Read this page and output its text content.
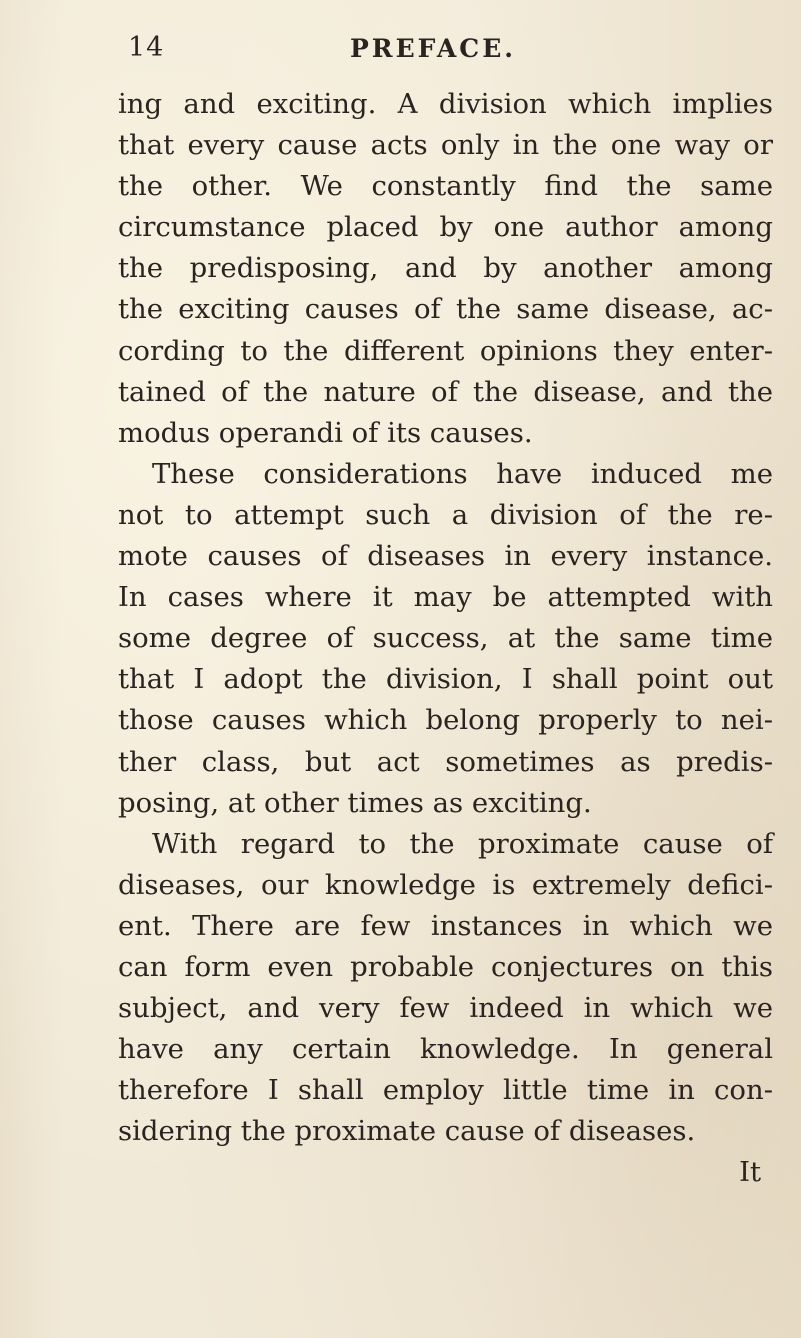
14	PREFACE.
ing and exciting. A division which implies
that every cause acts only in the one way or
the other. We constantly find the same
circumstance placed by one author among
the predisposing, and by another among
the exciting causes of the same disease, ac-
cording to the different opinions they enter-
tained of the nature of the disease, and the
modus operandi of its causes.
These considerations have induced me
not to attempt such a division of the re-
mote causes of diseases in every instance.
In cases where it may be attempted with
some degree of success, at the same time
that I adopt the division, I shall point out
those causes which belong properly to nei-
ther class, but act sometimes as predis-
posing, at other times as exciting.
With regard to the proximate cause of
diseases, our knowledge is extremely defici-
ent. There are few instances in which we
can form even probable conjectures on this
subject, and very few indeed in which we
have any certain knowledge. In general
therefore I shall employ little time in con-
sidering the proximate cause of diseases.
It
